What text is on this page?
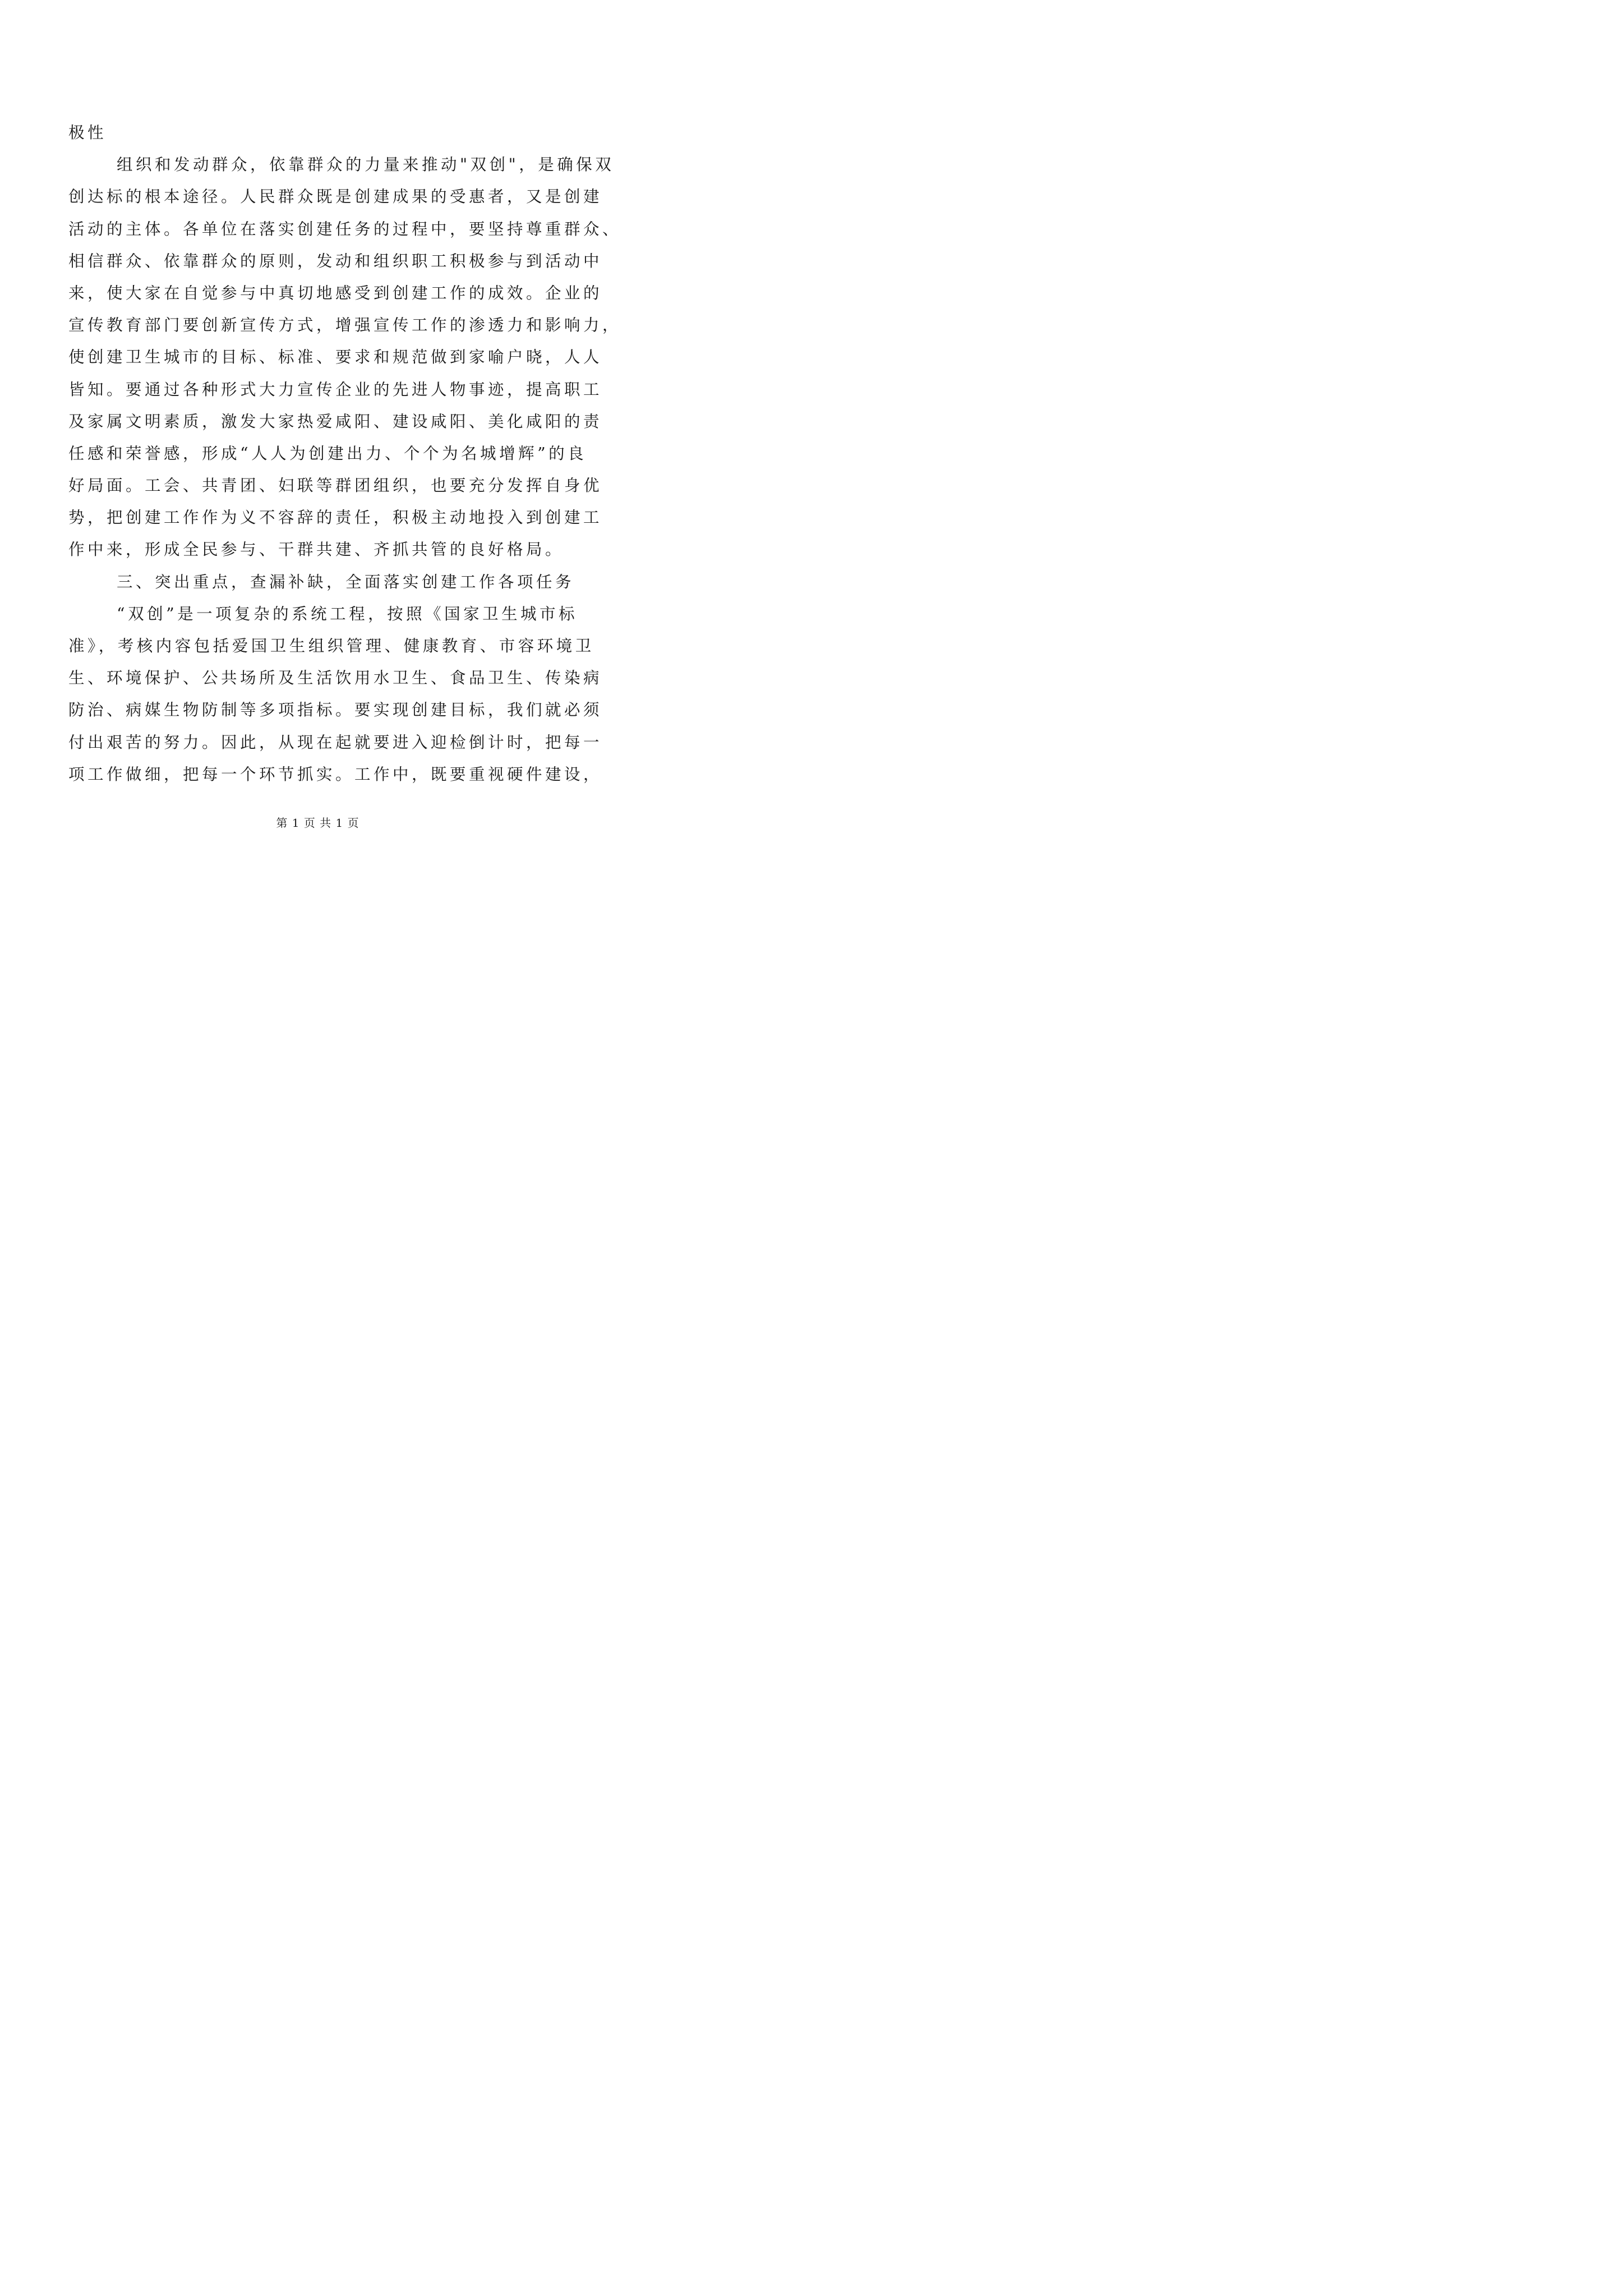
极性
组织和发动群众，依靠群众的力量来推动"双创"，是确保双
创达标的根本途径。人民群众既是创建成果的受惠者，又是创建
活动的主体。各单位在落实创建任务的过程中，要坚持尊重群众、
相信群众、依靠群众的原则，发动和组织职工积极参与到活动中
来，使大家在自觉参与中真切地感受到创建工作的成效。企业的
宣传教育部门要创新宣传方式，增强宣传工作的渗透力和影响力，
使创建卫生城市的目标、标准、要求和规范做到家喻户晓，人人
皆知。要通过各种形式大力宣传企业的先进人物事迹，提高职工
及家属文明素质，激发大家热爱咸阳、建设咸阳、美化咸阳的责
任感和荣誉感，形成“人人为创建出力、个个为名城增辉”的良
好局面。工会、共青团、妇联等群团组织，也要充分发挥自身优
势，把创建工作作为义不容辞的责任，积极主动地投入到创建工
作中来，形成全民参与、干群共建、齐抓共管的良好格局。
三、突出重点，查漏补缺，全面落实创建工作各项任务
“双创”是一项复杂的系统工程，按照《国家卫生城市标
准》，考核内容包括爱国卫生组织管理、健康教育、市容环境卫
生、环境保护、公共场所及生活饮用水卫生、食品卫生、传染病
防治、病媒生物防制等多项指标。要实现创建目标，我们就必须
付出艰苦的努力。因此，从现在起就要进入迎检倒计时，把每一
项工作做细，把每一个环节抓实。工作中，既要重视硬件建设，
第 1 页 共 1 页
